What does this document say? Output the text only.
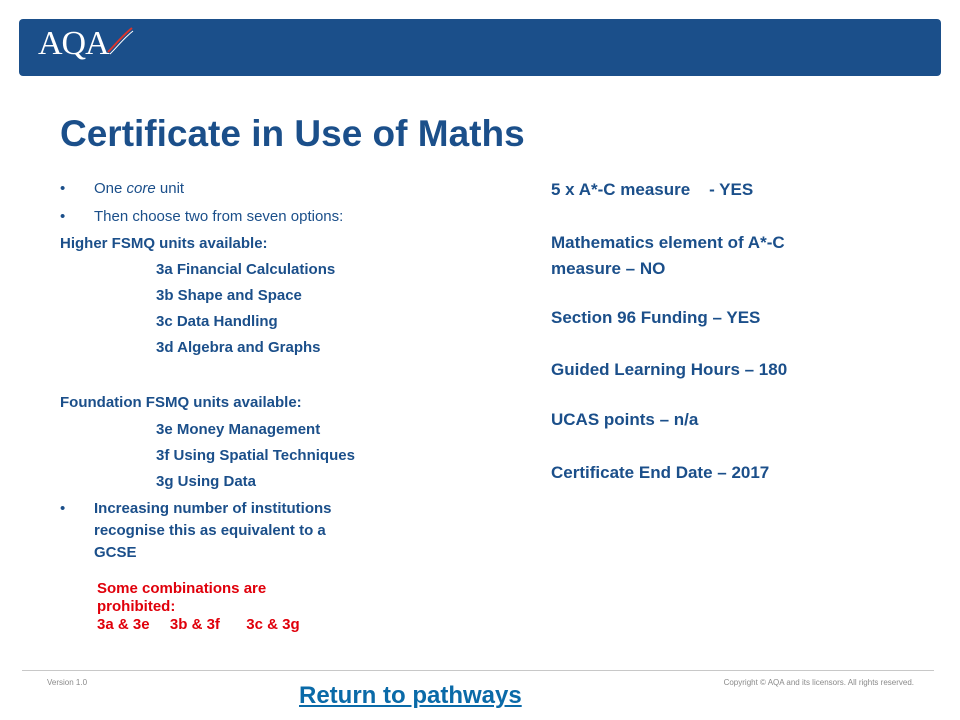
AQA
Certificate in Use of Maths
• One core unit
• Then choose two from seven options:
Higher FSMQ units available:
3a Financial Calculations
3b Shape and Space
3c Data Handling
3d Algebra and Graphs
Foundation FSMQ units available:
3e Money Management
3f Using Spatial Techniques
3g Using Data
• Increasing number of institutions
recognise this as equivalent to a
GCSE
Some combinations are
prohibited:
3a & 3e 3b & 3f 3c & 3g

5 x A*-C measure    - YES

Mathematics element of A*-C

measure – NO

Section 96 Funding – YES

Guided Learning Hours – 180

UCAS points – n/a

Certificate End Date – 2017

Version 1.0	Copyright © AQA and its licensors. All rights reserved.
Return to pathways
